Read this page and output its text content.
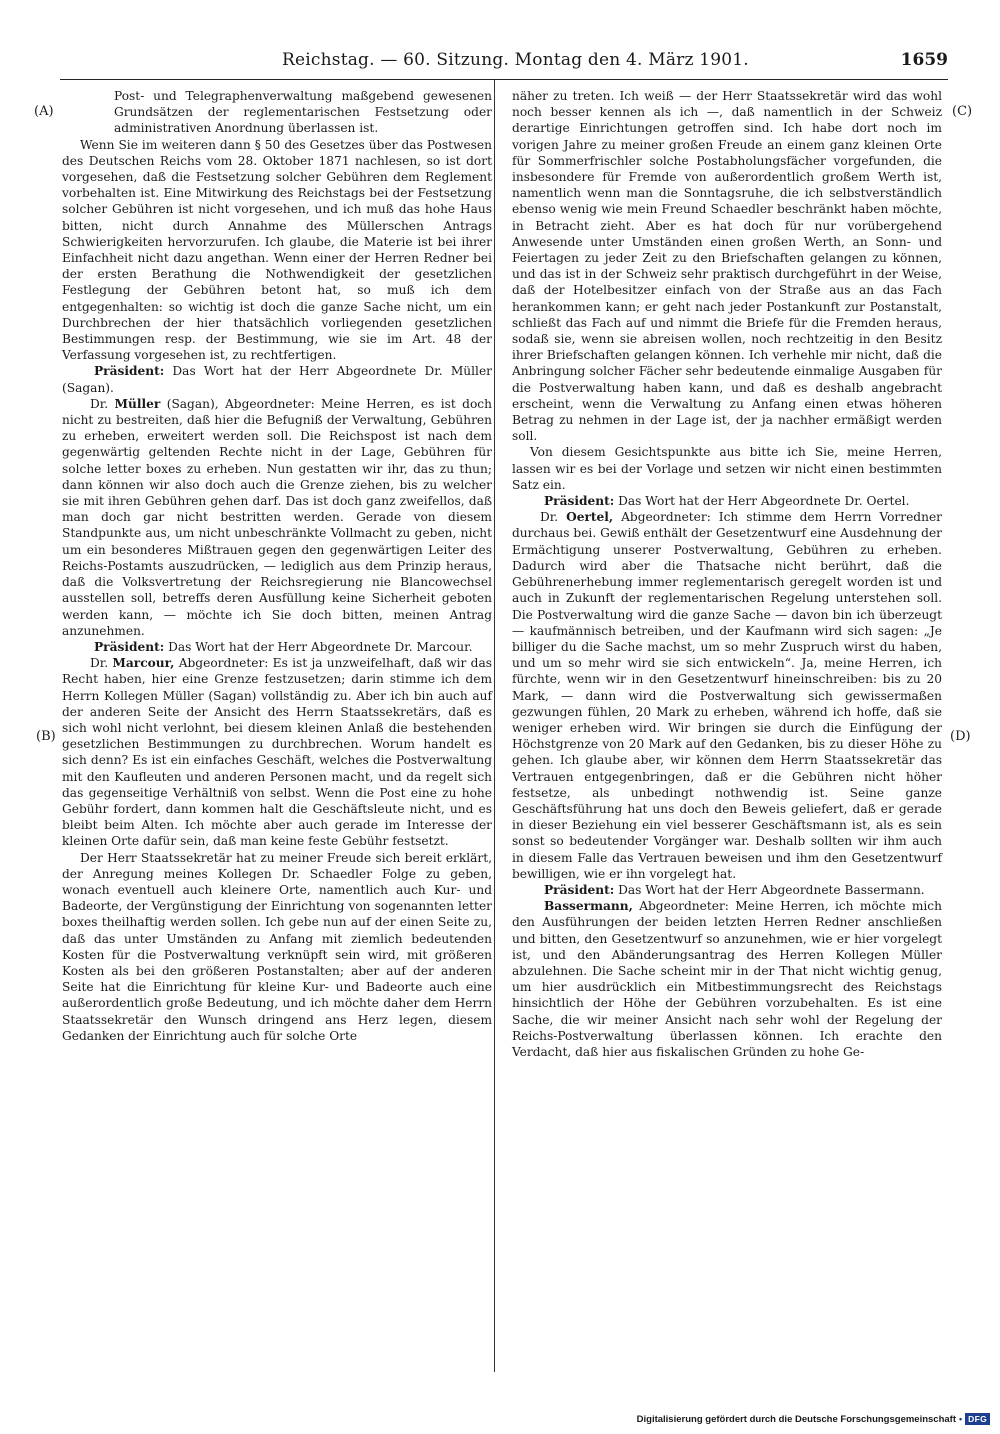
Reichstag. — 60. Sitzung. Montag den 4. März 1901.	1659
(A)
(B)
(C)
(D)

Post- und Telegraphenverwaltung maßgebend gewesenen Grundsätzen der reglementarischen Festsetzung oder administrativen Anordnung überlassen ist.

Wenn Sie im weiteren dann § 50 des Gesetzes über das Postwesen des Deutschen Reichs vom 28. Oktober 1871 nachlesen, so ist dort vorgesehen, daß die Festsetzung solcher Gebühren dem Reglement vorbehalten ist. Eine Mitwirkung des Reichstags bei der Festsetzung solcher Gebühren ist nicht vorgesehen, und ich muß das hohe Haus bitten, nicht durch Annahme des Müllerschen Antrags Schwierigkeiten hervorzurufen. Ich glaube, die Materie ist bei ihrer Einfachheit nicht dazu angethan. Wenn einer der Herren Redner bei der ersten Berathung die Nothwendigkeit der gesetzlichen Festlegung der Gebühren betont hat, so muß ich dem entgegenhalten: so wichtig ist doch die ganze Sache nicht, um ein Durchbrechen der hier thatsächlich vorliegenden gesetzlichen Bestimmungen resp. der Bestimmung, wie sie im Art. 48 der Verfassung vorgesehen ist, zu rechtfertigen.

Präsident: Das Wort hat der Herr Abgeordnete Dr. Müller (Sagan).

Dr. Müller (Sagan), Abgeordneter: Meine Herren, es ist doch nicht zu bestreiten, daß hier die Befugniß der Verwaltung, Gebühren zu erheben, erweitert werden soll. Die Reichspost ist nach dem gegenwärtig geltenden Rechte nicht in der Lage, Gebühren für solche letter boxes zu erheben. Nun gestatten wir ihr, das zu thun; dann können wir also doch auch die Grenze ziehen, bis zu welcher sie mit ihren Gebühren gehen darf. Das ist doch ganz zweifellos, daß man doch gar nicht bestritten werden. Gerade von diesem Standpunkte aus, um nicht unbeschränkte Vollmacht zu geben, nicht um ein besonderes Mißtrauen gegen den gegenwärtigen Leiter des Reichs-Postamts auszudrücken, — lediglich aus dem Prinzip heraus, daß die Volksvertretung der Reichsregierung nie Blancowechsel ausstellen soll, betreffs deren Ausfüllung keine Sicherheit geboten werden kann, — möchte ich Sie doch bitten, meinen Antrag anzunehmen.

Präsident: Das Wort hat der Herr Abgeordnete Dr. Marcour.

Dr. Marcour, Abgeordneter: Es ist ja unzweifelhaft, daß wir das Recht haben, hier eine Grenze festzusetzen; darin stimme ich dem Herrn Kollegen Müller (Sagan) vollständig zu. Aber ich bin auch auf der anderen Seite der Ansicht des Herrn Staatssekretärs, daß es sich wohl nicht verlohnt, bei diesem kleinen Anlaß die bestehenden gesetzlichen Bestimmungen zu durchbrechen. Worum handelt es sich denn? Es ist ein einfaches Geschäft, welches die Postverwaltung mit den Kaufleuten und anderen Personen macht, und da regelt sich das gegenseitige Verhältniß von selbst. Wenn die Post eine zu hohe Gebühr fordert, dann kommen halt die Geschäftsleute nicht, und es bleibt beim Alten. Ich möchte aber auch gerade im Interesse der kleinen Orte dafür sein, daß man keine feste Gebühr festsetzt.

Der Herr Staatssekretär hat zu meiner Freude sich bereit erklärt, der Anregung meines Kollegen Dr. Schaedler Folge zu geben, wonach eventuell auch kleinere Orte, namentlich auch Kur- und Badeorte, der Vergünstigung der Einrichtung von sogenannten letter boxes theilhaftig werden sollen. Ich gebe nun auf der einen Seite zu, daß das unter Umständen zu Anfang mit ziemlich bedeutenden Kosten für die Postverwaltung verknüpft sein wird, mit größeren Kosten als bei den größeren Postanstalten; aber auf der anderen Seite hat die Einrichtung für kleine Kur- und Badeorte auch eine außerordentlich große Bedeutung, und ich möchte daher dem Herrn Staatssekretär den Wunsch dringend ans Herz legen, diesem Gedanken der Einrichtung auch für solche Orte

näher zu treten. Ich weiß — der Herr Staatssekretär wird das wohl noch besser kennen als ich —, daß namentlich in der Schweiz derartige Einrichtungen getroffen sind. Ich habe dort noch im vorigen Jahre zu meiner großen Freude an einem ganz kleinen Orte für Sommerfrischler solche Postabholungsfächer vorgefunden, die insbesondere für Fremde von außerordentlich großem Werth ist, namentlich wenn man die Sonntagsruhe, die ich selbstverständlich ebenso wenig wie mein Freund Schaedler beschränkt haben möchte, in Betracht zieht. Aber es hat doch für nur vorübergehend Anwesende unter Umständen einen großen Werth, an Sonn- und Feiertagen zu jeder Zeit zu den Briefschaften gelangen zu können, und das ist in der Schweiz sehr praktisch durchgeführt in der Weise, daß der Hotelbesitzer einfach von der Straße aus an das Fach herankommen kann; er geht nach jeder Postankunft zur Postanstalt, schließt das Fach auf und nimmt die Briefe für die Fremden heraus, sodaß sie, wenn sie abreisen wollen, noch rechtzeitig in den Besitz ihrer Briefschaften gelangen können. Ich verhehle mir nicht, daß die Anbringung solcher Fächer sehr bedeutende einmalige Ausgaben für die Postverwaltung haben kann, und daß es deshalb angebracht erscheint, wenn die Verwaltung zu Anfang einen etwas höheren Betrag zu nehmen in der Lage ist, der ja nachher ermäßigt werden soll.

Von diesem Gesichtspunkte aus bitte ich Sie, meine Herren, lassen wir es bei der Vorlage und setzen wir nicht einen bestimmten Satz ein.

Präsident: Das Wort hat der Herr Abgeordnete Dr. Oertel.

Dr. Oertel, Abgeordneter: Ich stimme dem Herrn Vorredner durchaus bei. Gewiß enthält der Gesetzentwurf eine Ausdehnung der Ermächtigung unserer Postverwaltung, Gebühren zu erheben. Dadurch wird aber die Thatsache nicht berührt, daß die Gebührenerhebung immer reglementarisch geregelt worden ist und auch in Zukunft der reglementarischen Regelung unterstehen soll. Die Postverwaltung wird die ganze Sache — davon bin ich überzeugt — kaufmännisch betreiben, und der Kaufmann wird sich sagen: „Je billiger du die Sache machst, um so mehr Zuspruch wirst du haben, und um so mehr wird sie sich entwickeln“. Ja, meine Herren, ich fürchte, wenn wir in den Gesetzentwurf hineinschreiben: bis zu 20 Mark, — dann wird die Postverwaltung sich gewissermaßen gezwungen fühlen, 20 Mark zu erheben, während ich hoffe, daß sie weniger erheben wird. Wir bringen sie durch die Einfügung der Höchstgrenze von 20 Mark auf den Gedanken, bis zu dieser Höhe zu gehen. Ich glaube aber, wir können dem Herrn Staatssekretär das Vertrauen entgegenbringen, daß er die Gebühren nicht höher festsetze, als unbedingt nothwendig ist. Seine ganze Geschäftsführung hat uns doch den Beweis geliefert, daß er gerade in dieser Beziehung ein viel besserer Geschäftsmann ist, als es sein sonst so bedeutender Vorgänger war. Deshalb sollten wir ihm auch in diesem Falle das Vertrauen beweisen und ihm den Gesetzentwurf bewilligen, wie er ihn vorgelegt hat.

Präsident: Das Wort hat der Herr Abgeordnete Bassermann.

Bassermann, Abgeordneter: Meine Herren, ich möchte mich den Ausführungen der beiden letzten Herren Redner anschließen und bitten, den Gesetzentwurf so anzunehmen, wie er hier vorgelegt ist, und den Abänderungsantrag des Herren Kollegen Müller abzulehnen. Die Sache scheint mir in der That nicht wichtig genug, um hier ausdrücklich ein Mitbestimmungsrecht des Reichstags hinsichtlich der Höhe der Gebühren vorzubehalten. Es ist eine Sache, die wir meiner Ansicht nach sehr wohl der Regelung der Reichs-Postverwaltung überlassen können. Ich erachte den Verdacht, daß hier aus fiskalischen Gründen zu hohe Ge-

Digitalisierung gefördert durch die Deutsche Forschungsgemeinschaft • DFG
